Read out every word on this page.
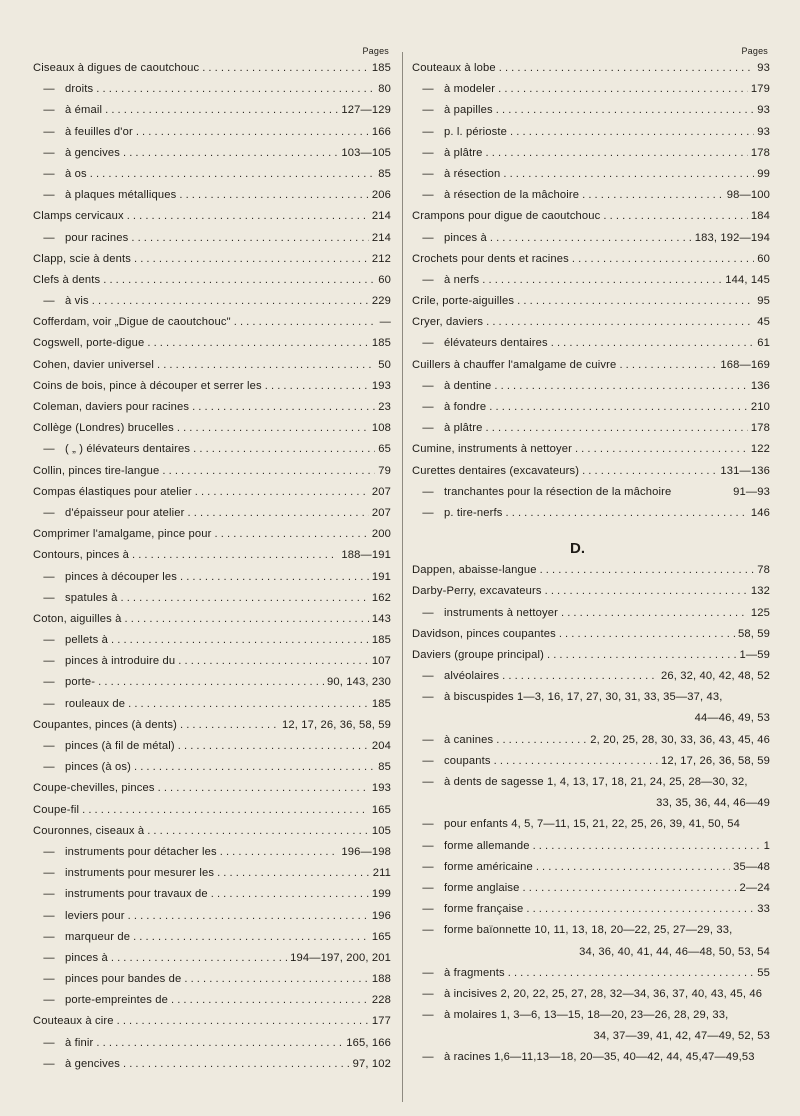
Pages
Ciseaux à digues de caoutchouc . . .	185
— droits . . .	80
— à émail . . .	127—129
— à feuilles d'or . . .	166
— à gencives . . .	103—105
— à os . . .	85
— à plaques métalliques . . .	206
Clamps cervicaux . . .	214
— pour racines . . .	214
Clapp, scie à dents . . .	212
Clefs à dents . . .	60
— à vis . . .	229
Cofferdam, voir „Digue de caoutchouc" . . .	—
Cogswell, porte-digue . . .	185
Cohen, davier universel . . .	50
Coins de bois, pince à découper et serrer les . . .	193
Coleman, daviers pour racines . . .	23
Collège (Londres) brucelles . . .	108
— ( „ ) élévateurs dentaires . . .	65
Collin, pinces tire-langue . . .	79
Compas élastiques pour atelier . . .	207
— d'épaisseur pour atelier . . .	207
Comprimer l'amalgame, pince pour . . .	200
Contours, pinces à . . .	188—191
— pinces à découper les . . .	191
— spatules à . . .	162
Coton, aiguilles à . . .	143
— pellets à . . .	185
— pinces à introduire du . . .	107
— porte- . . .	90, 143, 230
— rouleaux de . . .	185
Coupantes, pinces (à dents) . . .	12, 17, 26, 36, 58, 59
— pinces (à fil de métal) . . .	204
— pinces (à os) . . .	85
Coupe-chevilles, pinces . . .	193
Coupe-fil . . .	165
Couronnes, ciseaux à . . .	105
— instruments pour détacher les . . .	196—198
— instruments pour mesurer les . . .	211
— instruments pour travaux de . . .	199
— leviers pour . . .	196
— marqueur de . . .	165
— pinces à . . .	194—197, 200, 201
— pinces pour bandes de . . .	188
— porte-empreintes de . . .	228
Couteaux à cire . . .	177
— à finir . . .	165, 166
— à gencives . . .	97, 102
Pages
Couteaux à lobe . . .	93
— à modeler . . .	179
— à papilles . . .	93
— p. l. périoste . . .	93
— à plâtre . . .	178
— à résection . . .	99
— à résection de la mâchoire . . .	98—100
Crampons pour digue de caoutchouc . . .	184
— pinces à . . .	183, 192—194
Crochets pour dents et racines . . .	60
— à nerfs . . .	144, 145
Crile, porte-aiguilles . . .	95
Cryer, daviers . . .	45
— élévateurs dentaires . . .	61
Cuillers à chauffer l'amalgame de cuivre . . .	168—169
— à dentine . . .	136
— à fondre . . .	210
— à plâtre . . .	178
Cumine, instruments à nettoyer . . .	122
Curettes dentaires (excavateurs) . . .	131—136
— tranchantes pour la résection de la mâchoire	91—93
— p. tire-nerfs . . .	146
D.
Dappen, abaisse-langue . . .	78
Darby-Perry, excavateurs . . .	132
— instruments à nettoyer . . .	125
Davidson, pinces coupantes . . .	58, 59
Daviers (groupe principal) . . .	1—59
— alvéolaires . . .	26, 32, 40, 42, 48, 52
— à biscuspides 1—3, 16, 17, 27, 30, 31, 33, 35—37, 43,
44—46, 49, 53
— à canines . . .	2, 20, 25, 28, 30, 33, 36, 43, 45, 46
— coupants . . .	12, 17, 26, 36, 58, 59
— à dents de sagesse 1, 4, 13, 17, 18, 21, 24, 25, 28—30, 32,
33, 35, 36, 44, 46—49
— pour enfants 4, 5, 7—11, 15, 21, 22, 25, 26, 39, 41, 50, 54
— forme allemande . . .	1
— forme américaine . . .	35—48
— forme anglaise . . .	2—24
— forme française . . .	33
— forme baïonnette 10, 11, 13, 18, 20—22, 25, 27—29, 33,
34, 36, 40, 41, 44, 46—48, 50, 53, 54
— à fragments . . .	55
— à incisives 2, 20, 22, 25, 27, 28, 32—34, 36, 37, 40, 43, 45, 46
— à molaires 1, 3—6, 13—15, 18—20, 23—26, 28, 29, 33,
34, 37—39, 41, 42, 47—49, 52, 53
— à racines 1,6—11,13—18, 20—35, 40—42, 44, 45,47—49,53
